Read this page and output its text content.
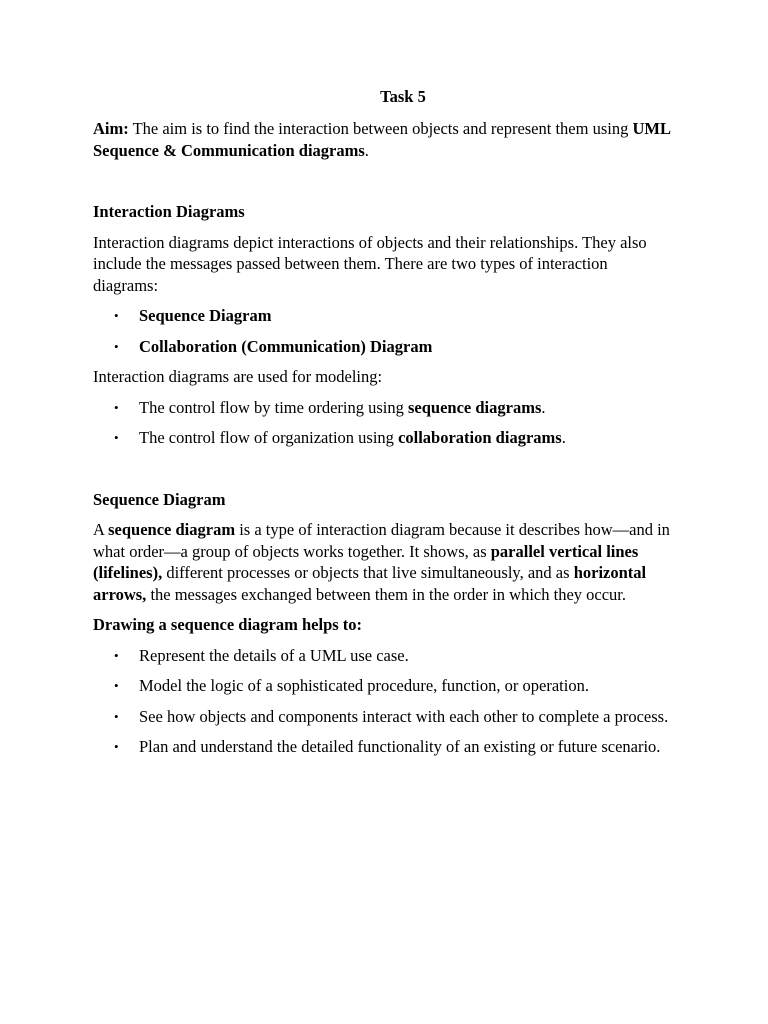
Task 5

Aim: The aim is to find the interaction between objects and represent them using UML Sequence & Communication diagrams.

Interaction Diagrams

Interaction diagrams depict interactions of objects and their relationships. They also include the messages passed between them. There are two types of interaction diagrams:

• Sequence Diagram
• Collaboration (Communication) Diagram

Interaction diagrams are used for modeling:

• The control flow by time ordering using sequence diagrams.
• The control flow of organization using collaboration diagrams.
Sequence Diagram

A sequence diagram is a type of interaction diagram because it describes how—and in what order—a group of objects works together. It shows, as parallel vertical lines (lifelines), different processes or objects that live simultaneously, and as horizontal arrows, the messages exchanged between them in the order in which they occur.

Drawing a sequence diagram helps to:
• Represent the details of a UML use case.
• Model the logic of a sophisticated procedure, function, or operation.
• See how objects and components interact with each other to complete a process.
• Plan and understand the detailed functionality of an existing or future scenario.
